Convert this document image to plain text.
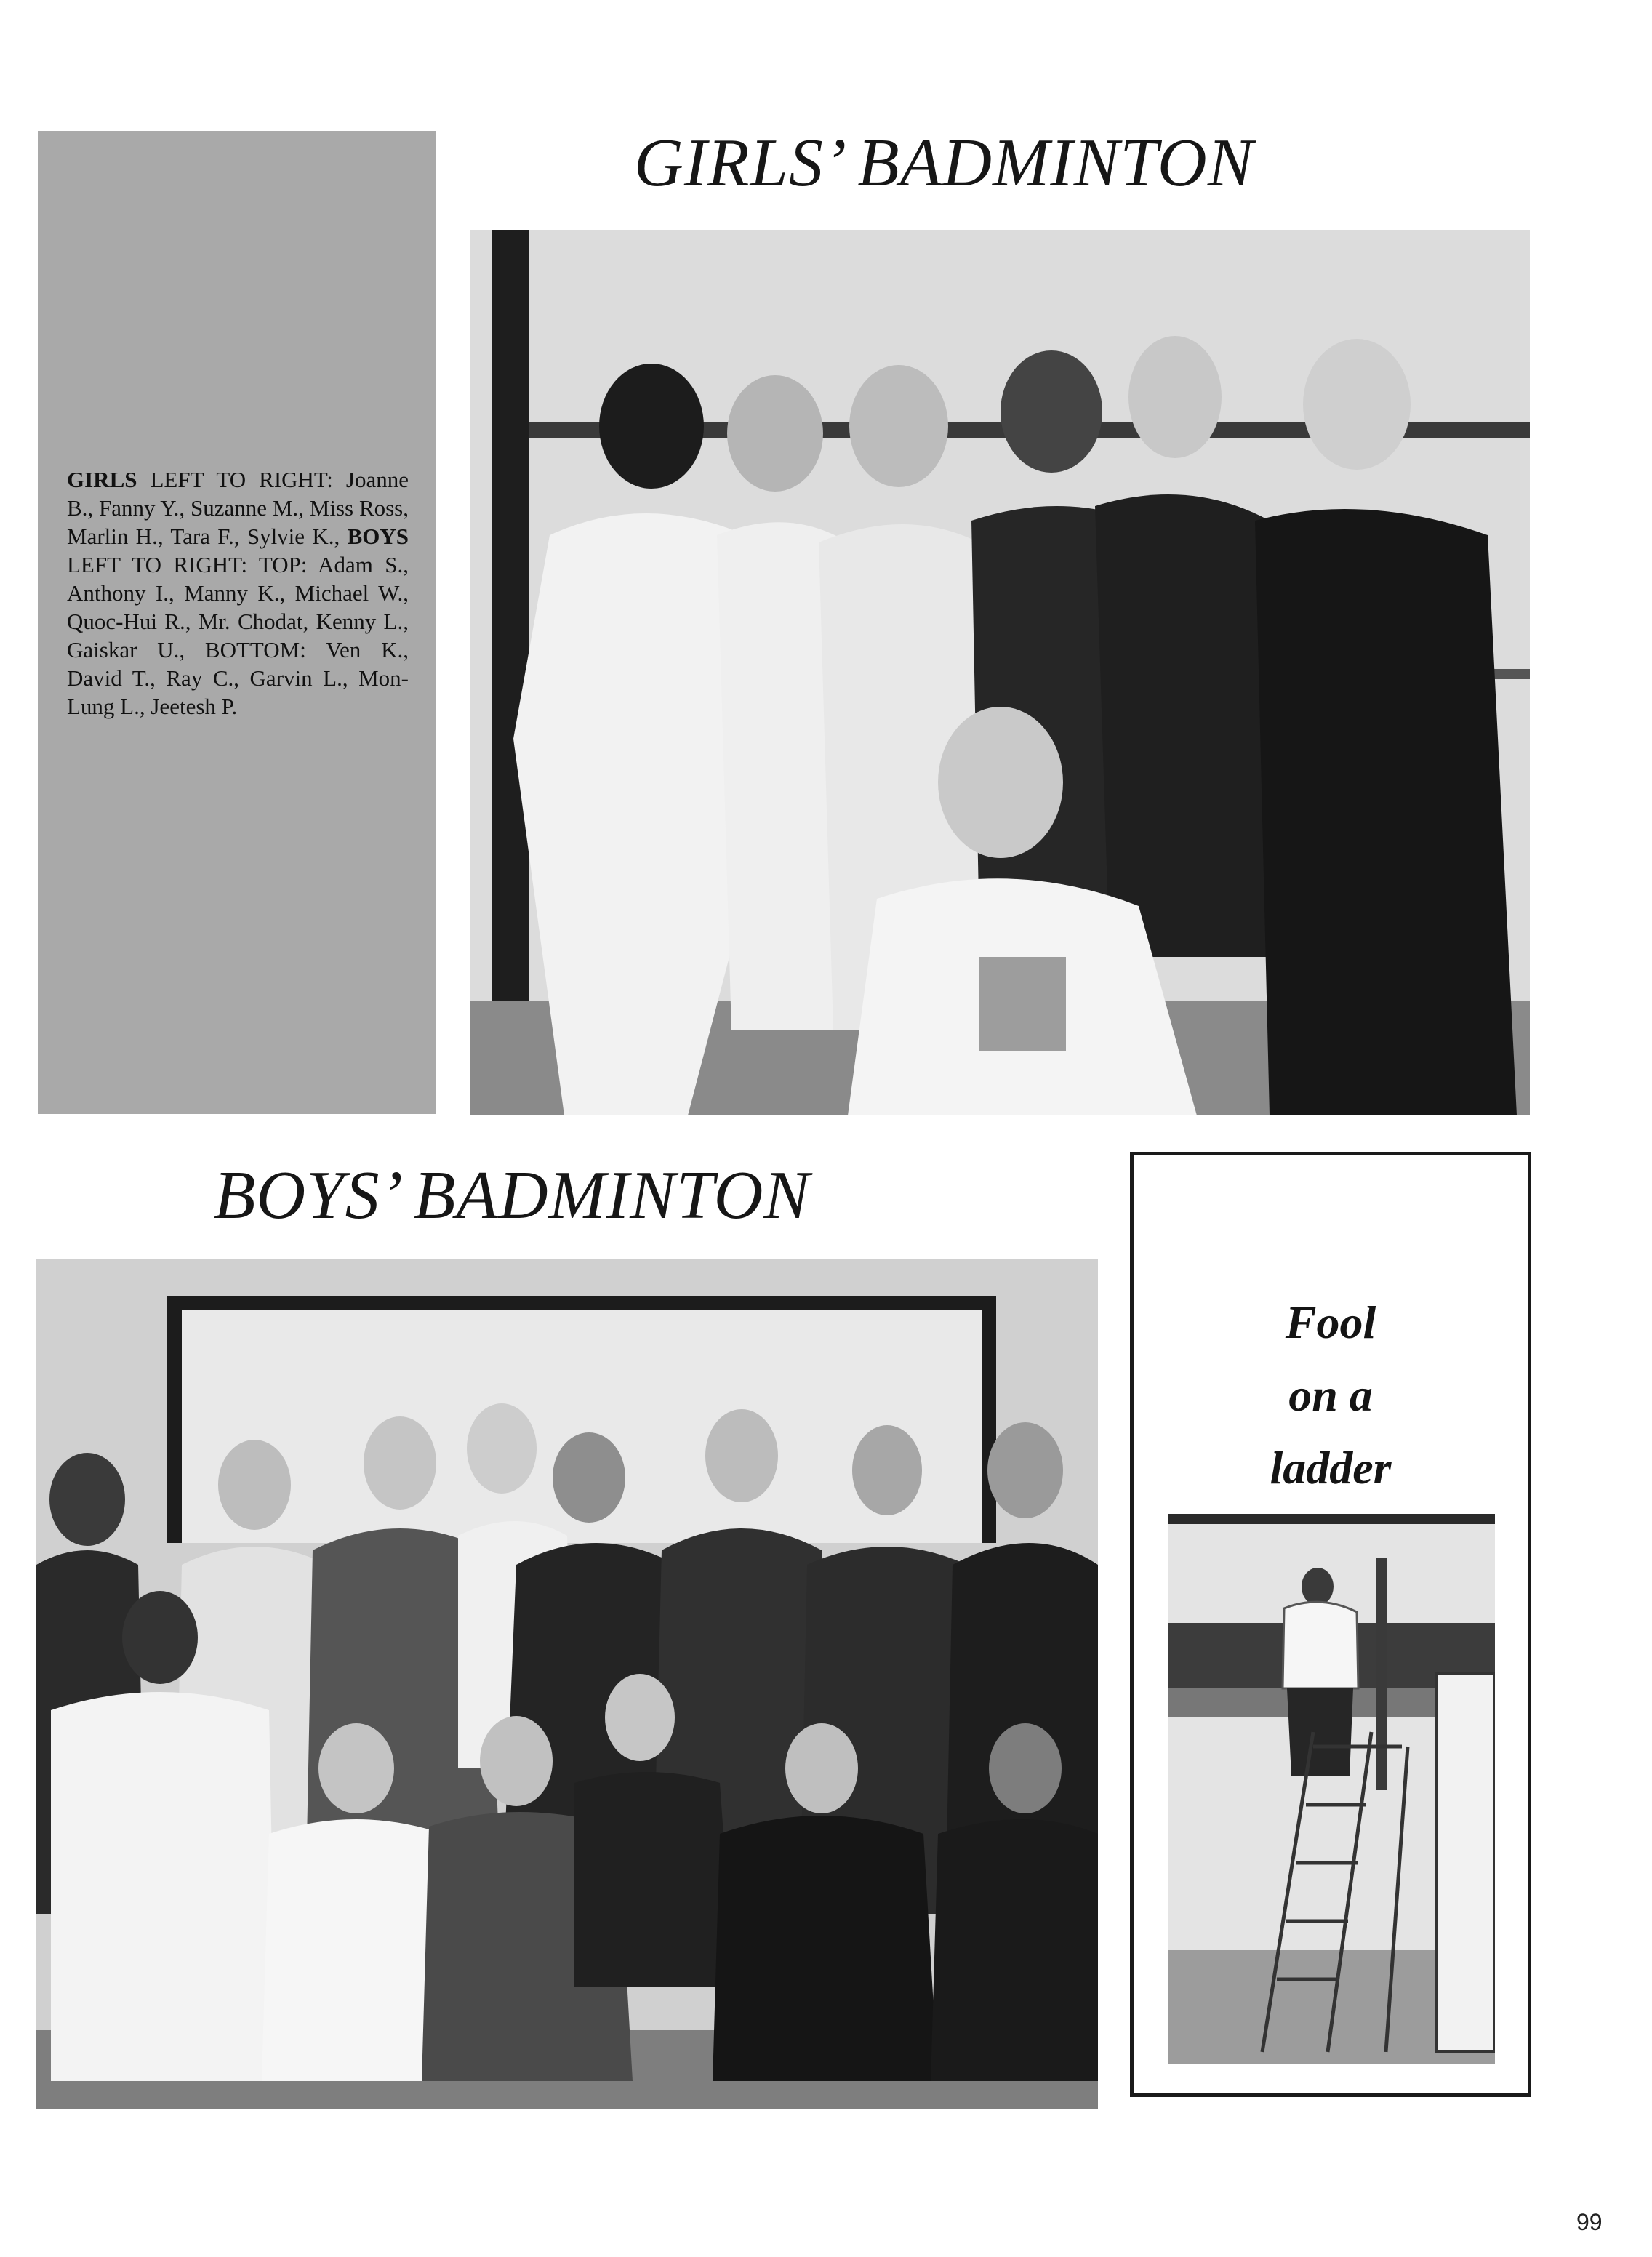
GIRLS LEFT TO RIGHT: Joanne B., Fanny Y., Suzanne M., Miss Ross, Marlin H., Tara F., Sylvie K., BOYS LEFT TO RIGHT: TOP: Adam S., Anthony I., Manny K., Michael W., Quoc-Hui R., Mr. Chodat, Kenny L., Gaiskar U., BOTTOM: Ven K., David T., Ray C., Garvin L., Mon-Lung L., Jeetesh P.
GIRLS’ BADMINTON
BOYS’ BADMINTON
Fool
on a
ladder
99
